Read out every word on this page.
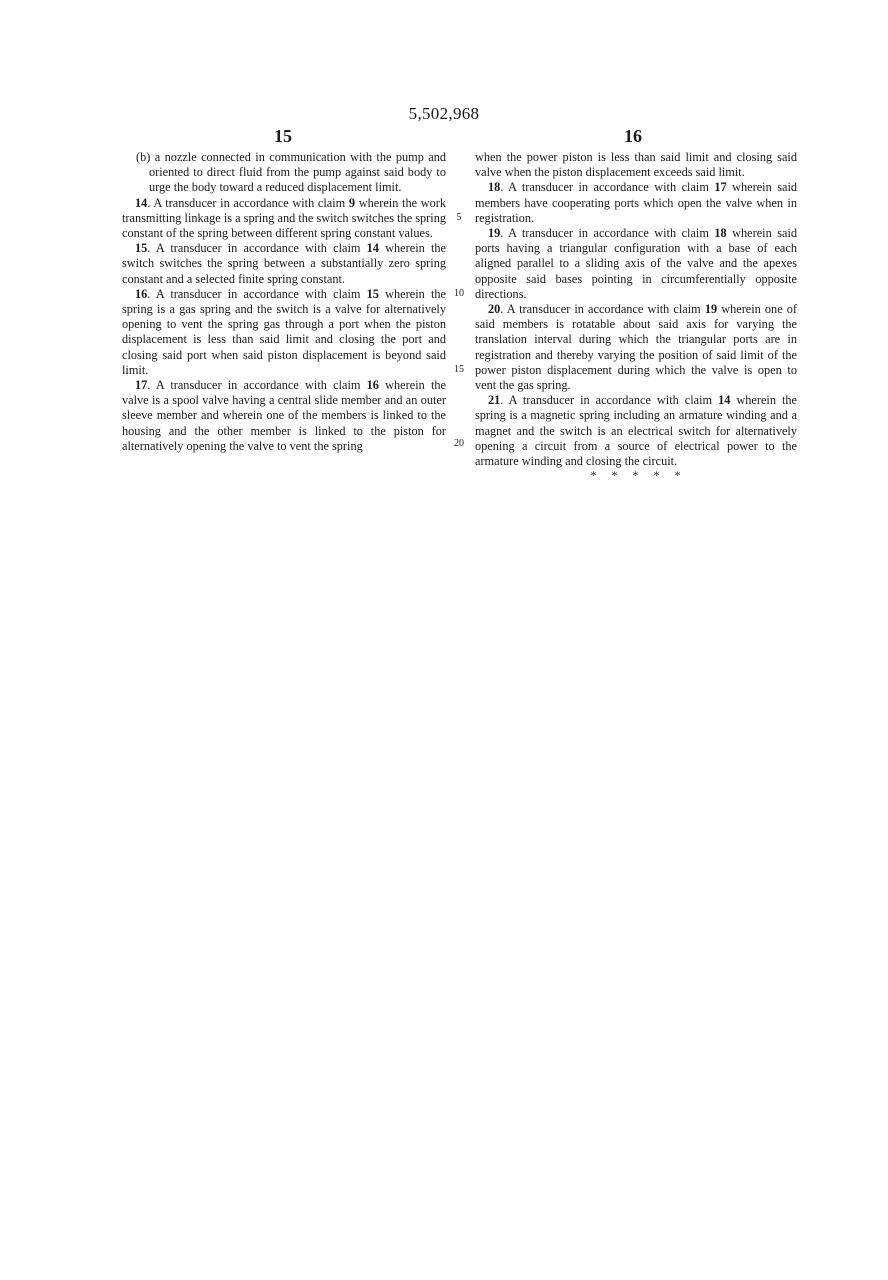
5,502,968
15	16

(b) a nozzle connected in communication with the pump and oriented to direct fluid from the pump against said body to urge the body toward a reduced displacement limit.

14. A transducer in accordance with claim 9 wherein the work transmitting linkage is a spring and the switch switches the spring constant of the spring between different spring constant values.

15. A transducer in accordance with claim 14 wherein the switch switches the spring between a substantially zero spring constant and a selected finite spring constant.

16. A transducer in accordance with claim 15 wherein the spring is a gas spring and the switch is a valve for alternatively opening to vent the spring gas through a port when the piston displacement is less than said limit and closing the port and closing said port when said piston displacement is beyond said limit.

17. A transducer in accordance with claim 16 wherein the valve is a spool valve having a central slide member and an outer sleeve member and wherein one of the members is linked to the housing and the other member is linked to the piston for alternatively opening the valve to vent the spring

5
10
15
20

when the power piston is less than said limit and closing said valve when the piston displacement exceeds said limit.

18. A transducer in accordance with claim 17 wherein said members have cooperating ports which open the valve when in registration.

19. A transducer in accordance with claim 18 wherein said ports having a triangular configuration with a base of each aligned parallel to a sliding axis of the valve and the apexes opposite said bases pointing in circumferentially opposite directions.

20. A transducer in accordance with claim 19 wherein one of said members is rotatable about said axis for varying the translation interval during which the triangular ports are in registration and thereby varying the position of said limit of the power piston displacement during which the valve is open to vent the gas spring.

21. A transducer in accordance with claim 14 wherein the spring is a magnetic spring including an armature winding and a magnet and the switch is an electrical switch for alternatively opening a circuit from a source of electrical power to the armature winding and closing the circuit.

* * * * *
